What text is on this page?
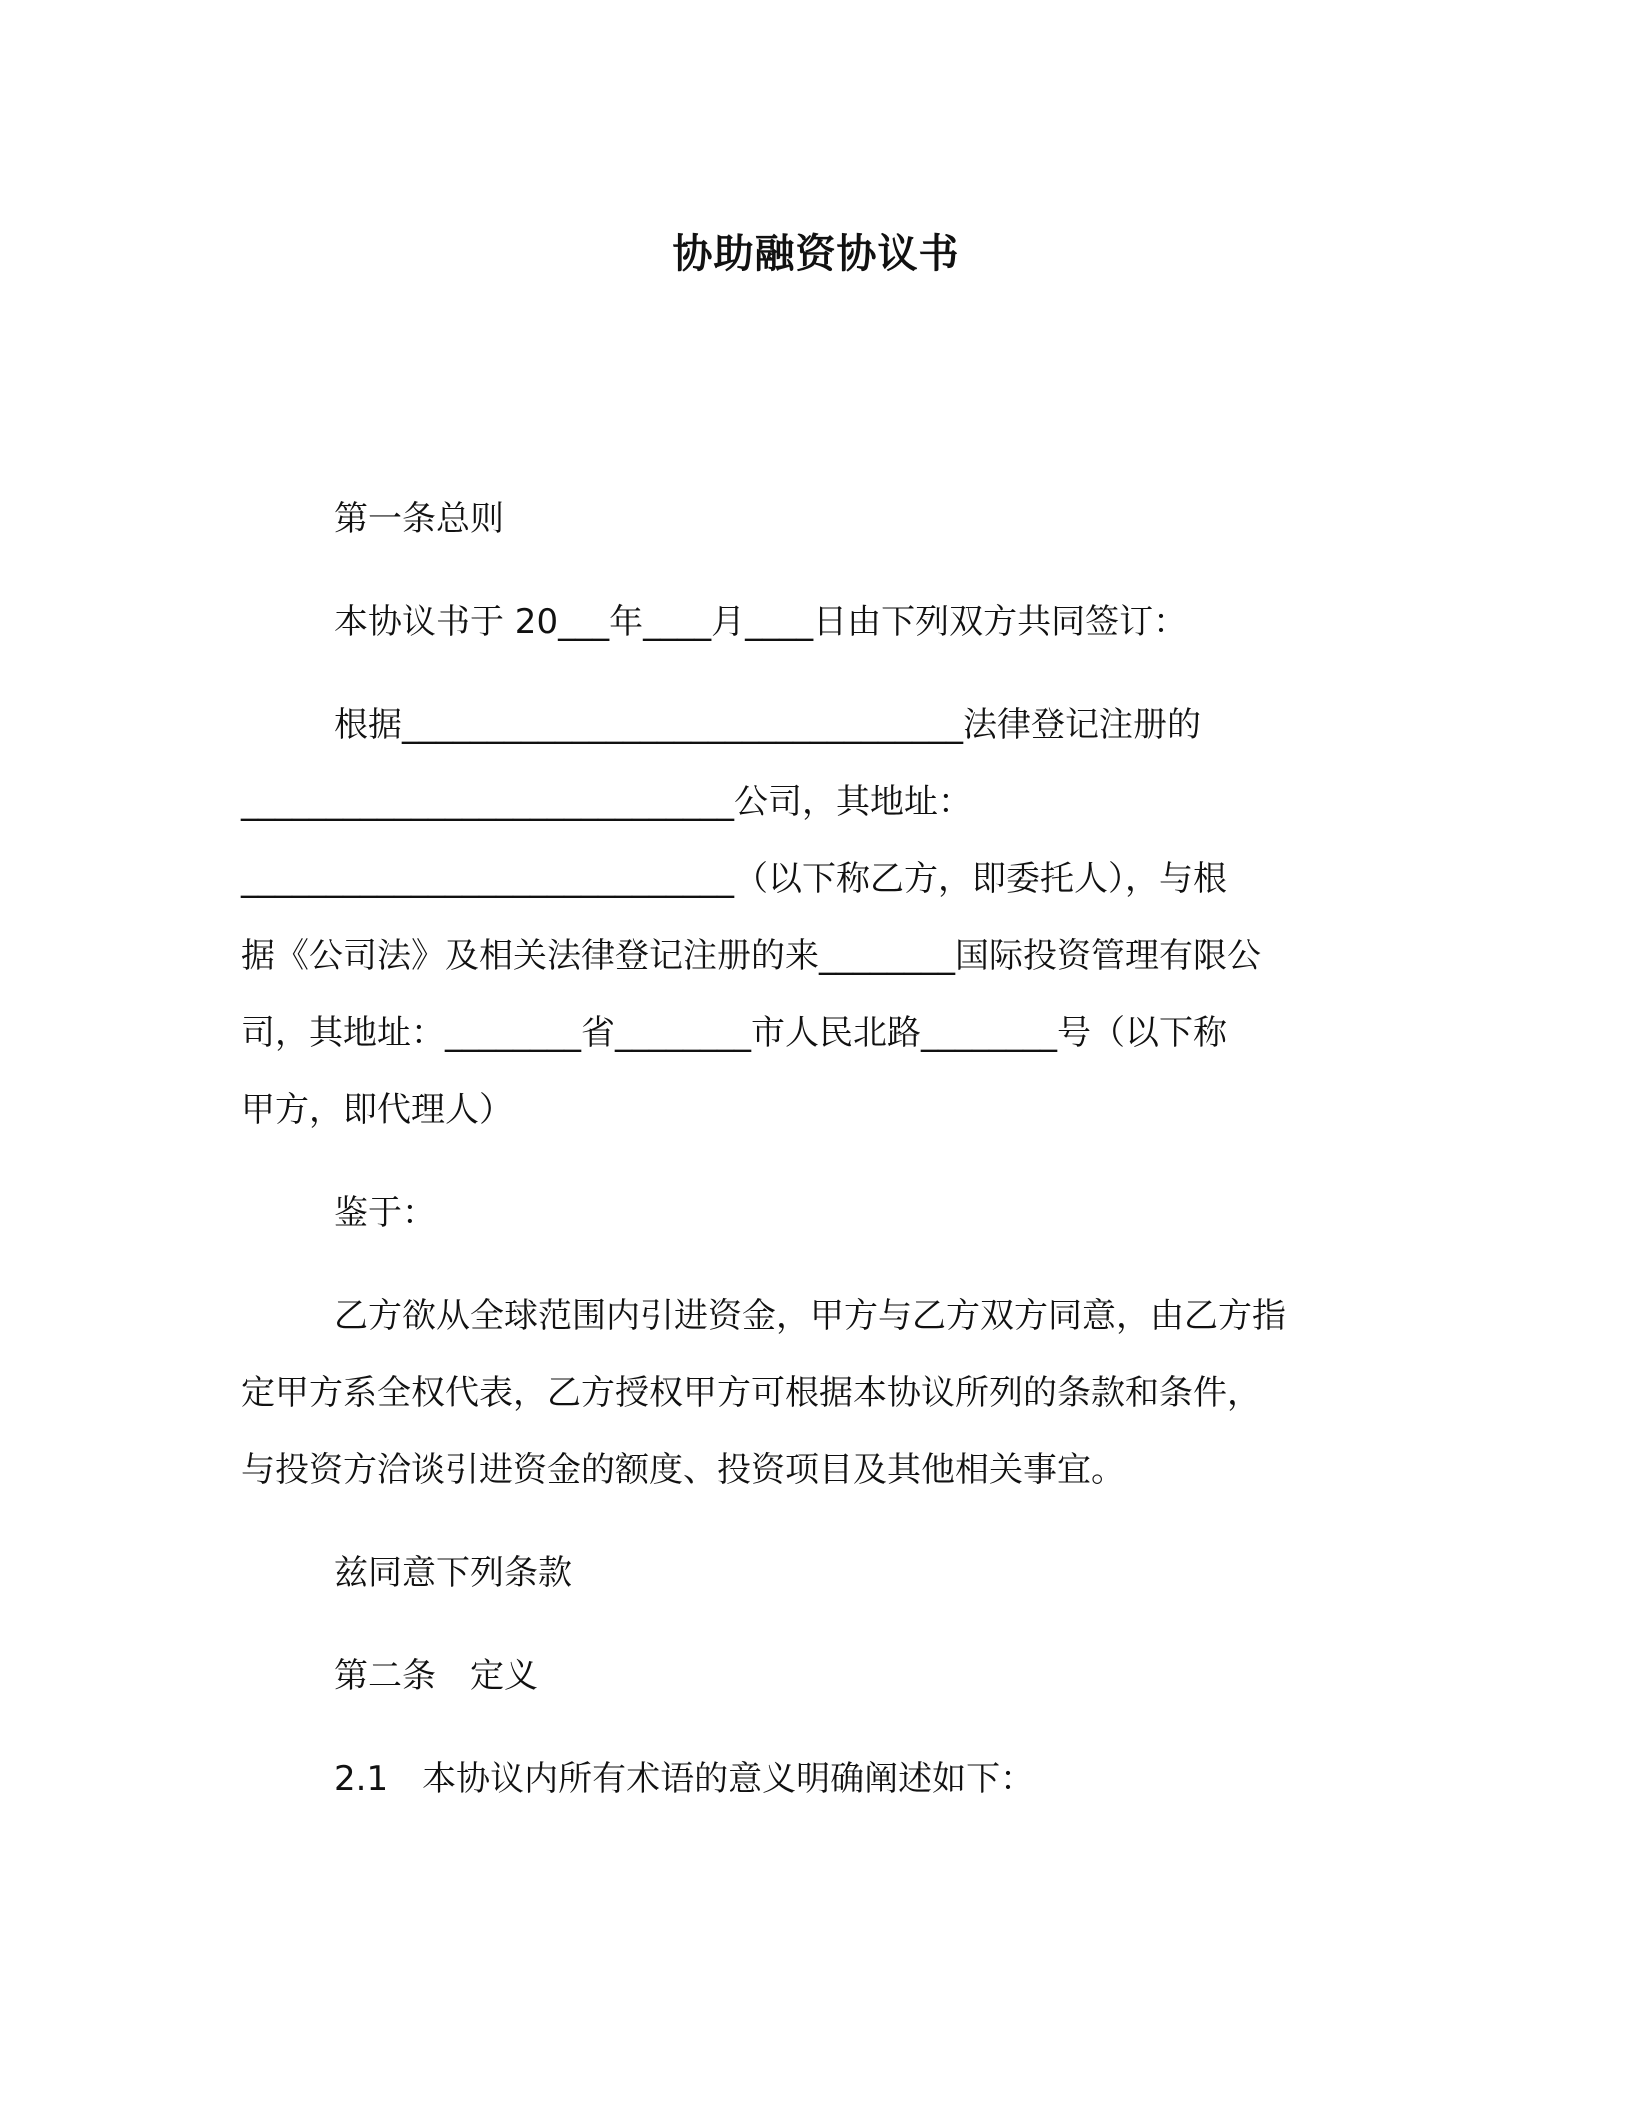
协助融资协议书
第一条总则
本协议书于 20___年____月____日由下列双方共同签订：
根据_________________________________法律登记注册的
_____________________________公司，其地址：
_____________________________（以下称乙方，即委托人），与根
据《公司法》及相关法律登记注册的来________国际投资管理有限公
司，其地址：________省________市人民北路________号（以下称
甲方，即代理人）
鉴于：
乙方欲从全球范围内引进资金，甲方与乙方双方同意，由乙方指
定甲方系全权代表，乙方授权甲方可根据本协议所列的条款和条件，
与投资方洽谈引进资金的额度、投资项目及其他相关事宜。
兹同意下列条款
第二条　定义
2.1　本协议内所有术语的意义明确阐述如下：
